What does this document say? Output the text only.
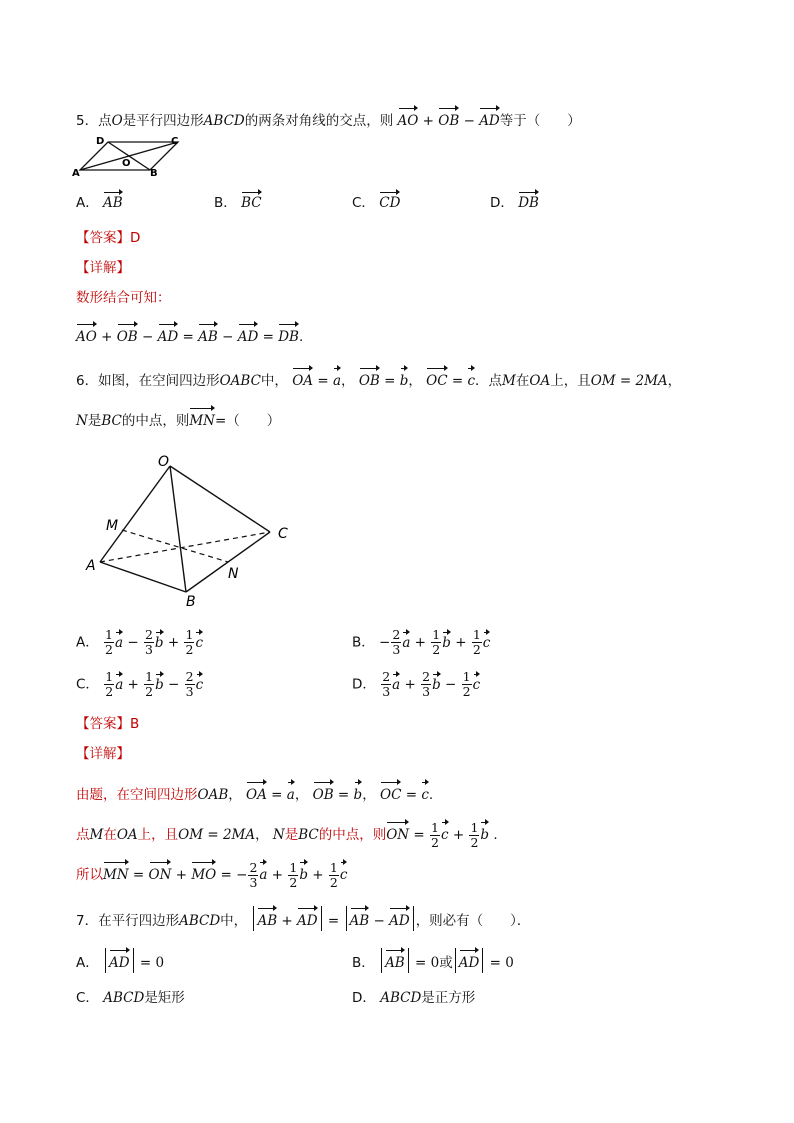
5．点O是平行四边形ABCD的两条对角线的交点，则 AO + OB − AD等于（　　）
D	C
O
A	B
A． AB	B． BC	C． CD	D． DB
【答案】D
【详解】
数形结合可知：
AO + OB − AD = AB − AD = DB.
6．如图，在空间四边形OABC中， OA = a， OB = b， OC = c．点M在OA上，且OM = 2MA，
N是BC的中点，则MN=（　　）
O
M	C
A	N
B
A． $\frac{1}{2}$ $a - \frac{2}{3}$ $b + \frac{1}{2}$ c	B． − $\frac{2}{3}$ $a + \frac{1}{2}$ $b + \frac{1}{2}$ c
C． $\frac{1}{2}$ $a + \frac{1}{2}$ $b - \frac{2}{3}$ c	D． $\frac{2}{3}$ $a + \frac{2}{3}$ $b - \frac{1}{2}$ c
【答案】B
【详解】
由题，在空间四边形OAB， OA = a， OB = b， OC = c.
点M在OA上，且OM = 2MA， N是BC的中点，则ON = $\frac{1}{2}$ $c + \frac{1}{2}$ b .
所以MN = ON + MO = − $\frac{2}{3}$ $a + \frac{1}{2}$ $b + \frac{1}{2}$ c
7．在平行四边形ABCD中， AB + AD = AB − AD ，则必有（　　）．
A． AD = 0	B． AB = 0或 AD = 0
C． ABCD是矩形	D． ABCD是正方形
